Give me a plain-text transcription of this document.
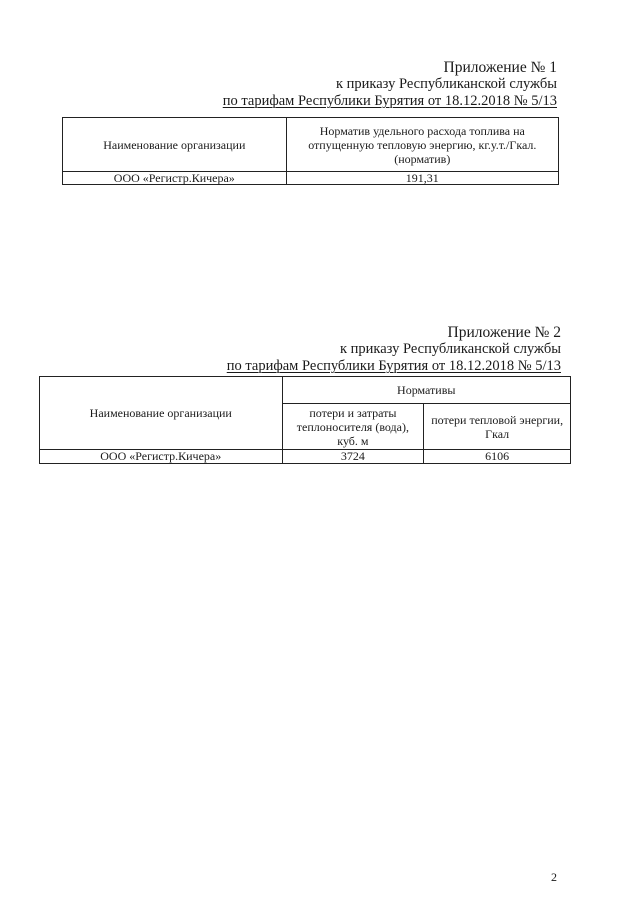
Приложение № 1
к приказу Республиканской службы
по тарифам Республики Бурятия от 18.12.2018 № 5/13
Наименование организации	Норматив удельного расхода топлива на отпущенную тепловую энергию, кг.у.т./Гкал. (норматив)
ООО «Регистр.Кичера»	191,31
Приложение № 2
к приказу Республиканской службы
по тарифам Республики Бурятия от 18.12.2018 № 5/13
Наименование организации	Нормативы	
	потери и затраты теплоносителя (вода), куб. м	потери тепловой энергии, Гкал
ООО «Регистр.Кичера»	3724	6106
2
